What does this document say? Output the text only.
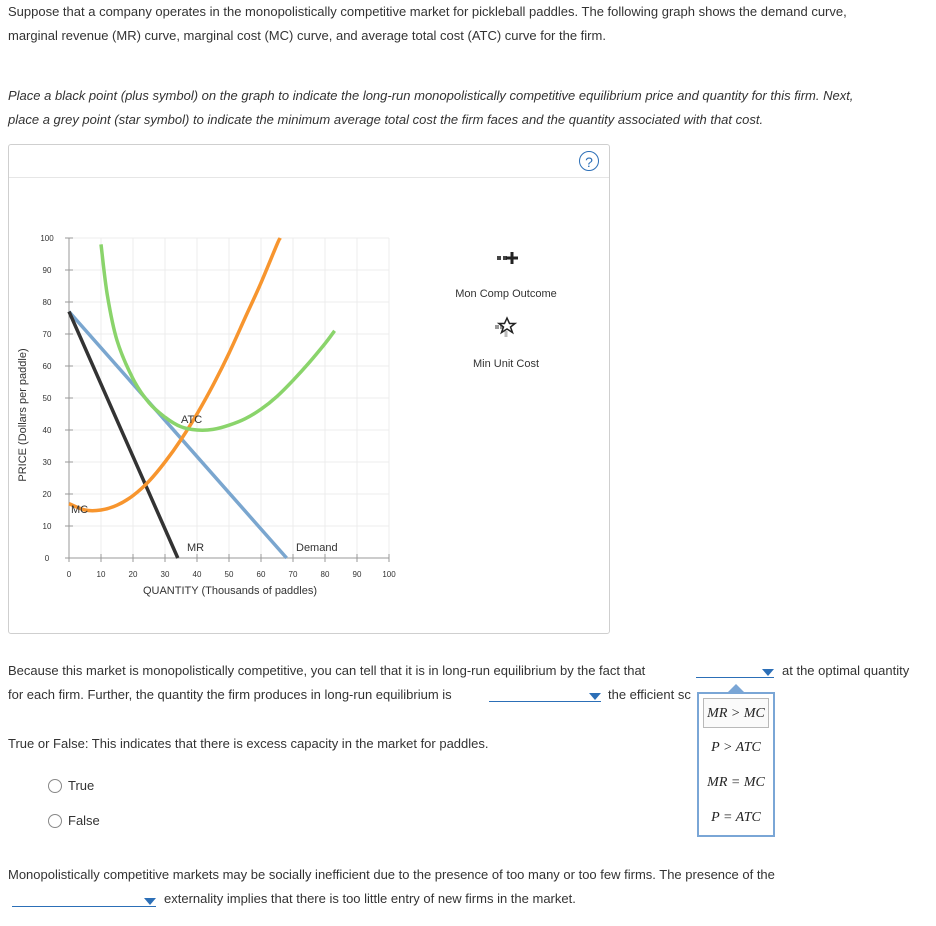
Suppose that a company operates in the monopolistically competitive market for pickleball paddles. The following graph shows the demand curve,
marginal revenue (MR) curve, marginal cost (MC) curve, and average total cost (ATC) curve for the firm.
Place a black point (plus symbol) on the graph to indicate the long-run monopolistically competitive equilibrium price and quantity for this firm. Next,
place a grey point (star symbol) to indicate the minimum average total cost the firm faces and the quantity associated with that cost.
?
PRICE (Dollars per paddle)
QUANTITY (Thousands of paddles)
0
10
20
30
40
50
60
70
80
90
100
0	10	20	30	40	50	60	70	80	90	100
MC
ATC
MR	Demand
Mon Comp Outcome
Min Unit Cost
Because this market is monopolistically competitive, you can tell that it is in long-run equilibrium by the fact that	at the optimal quantity
for each firm. Further, the quantity the firm produces in long-run equilibrium is	the efficient sc
True or False: This indicates that there is excess capacity in the market for paddles.
True
False
MR > MC
P > ATC
MR = MC
P = ATC
Monopolistically competitive markets may be socially inefficient due to the presence of too many or too few firms. The presence of the
externality implies that there is too little entry of new firms in the market.
